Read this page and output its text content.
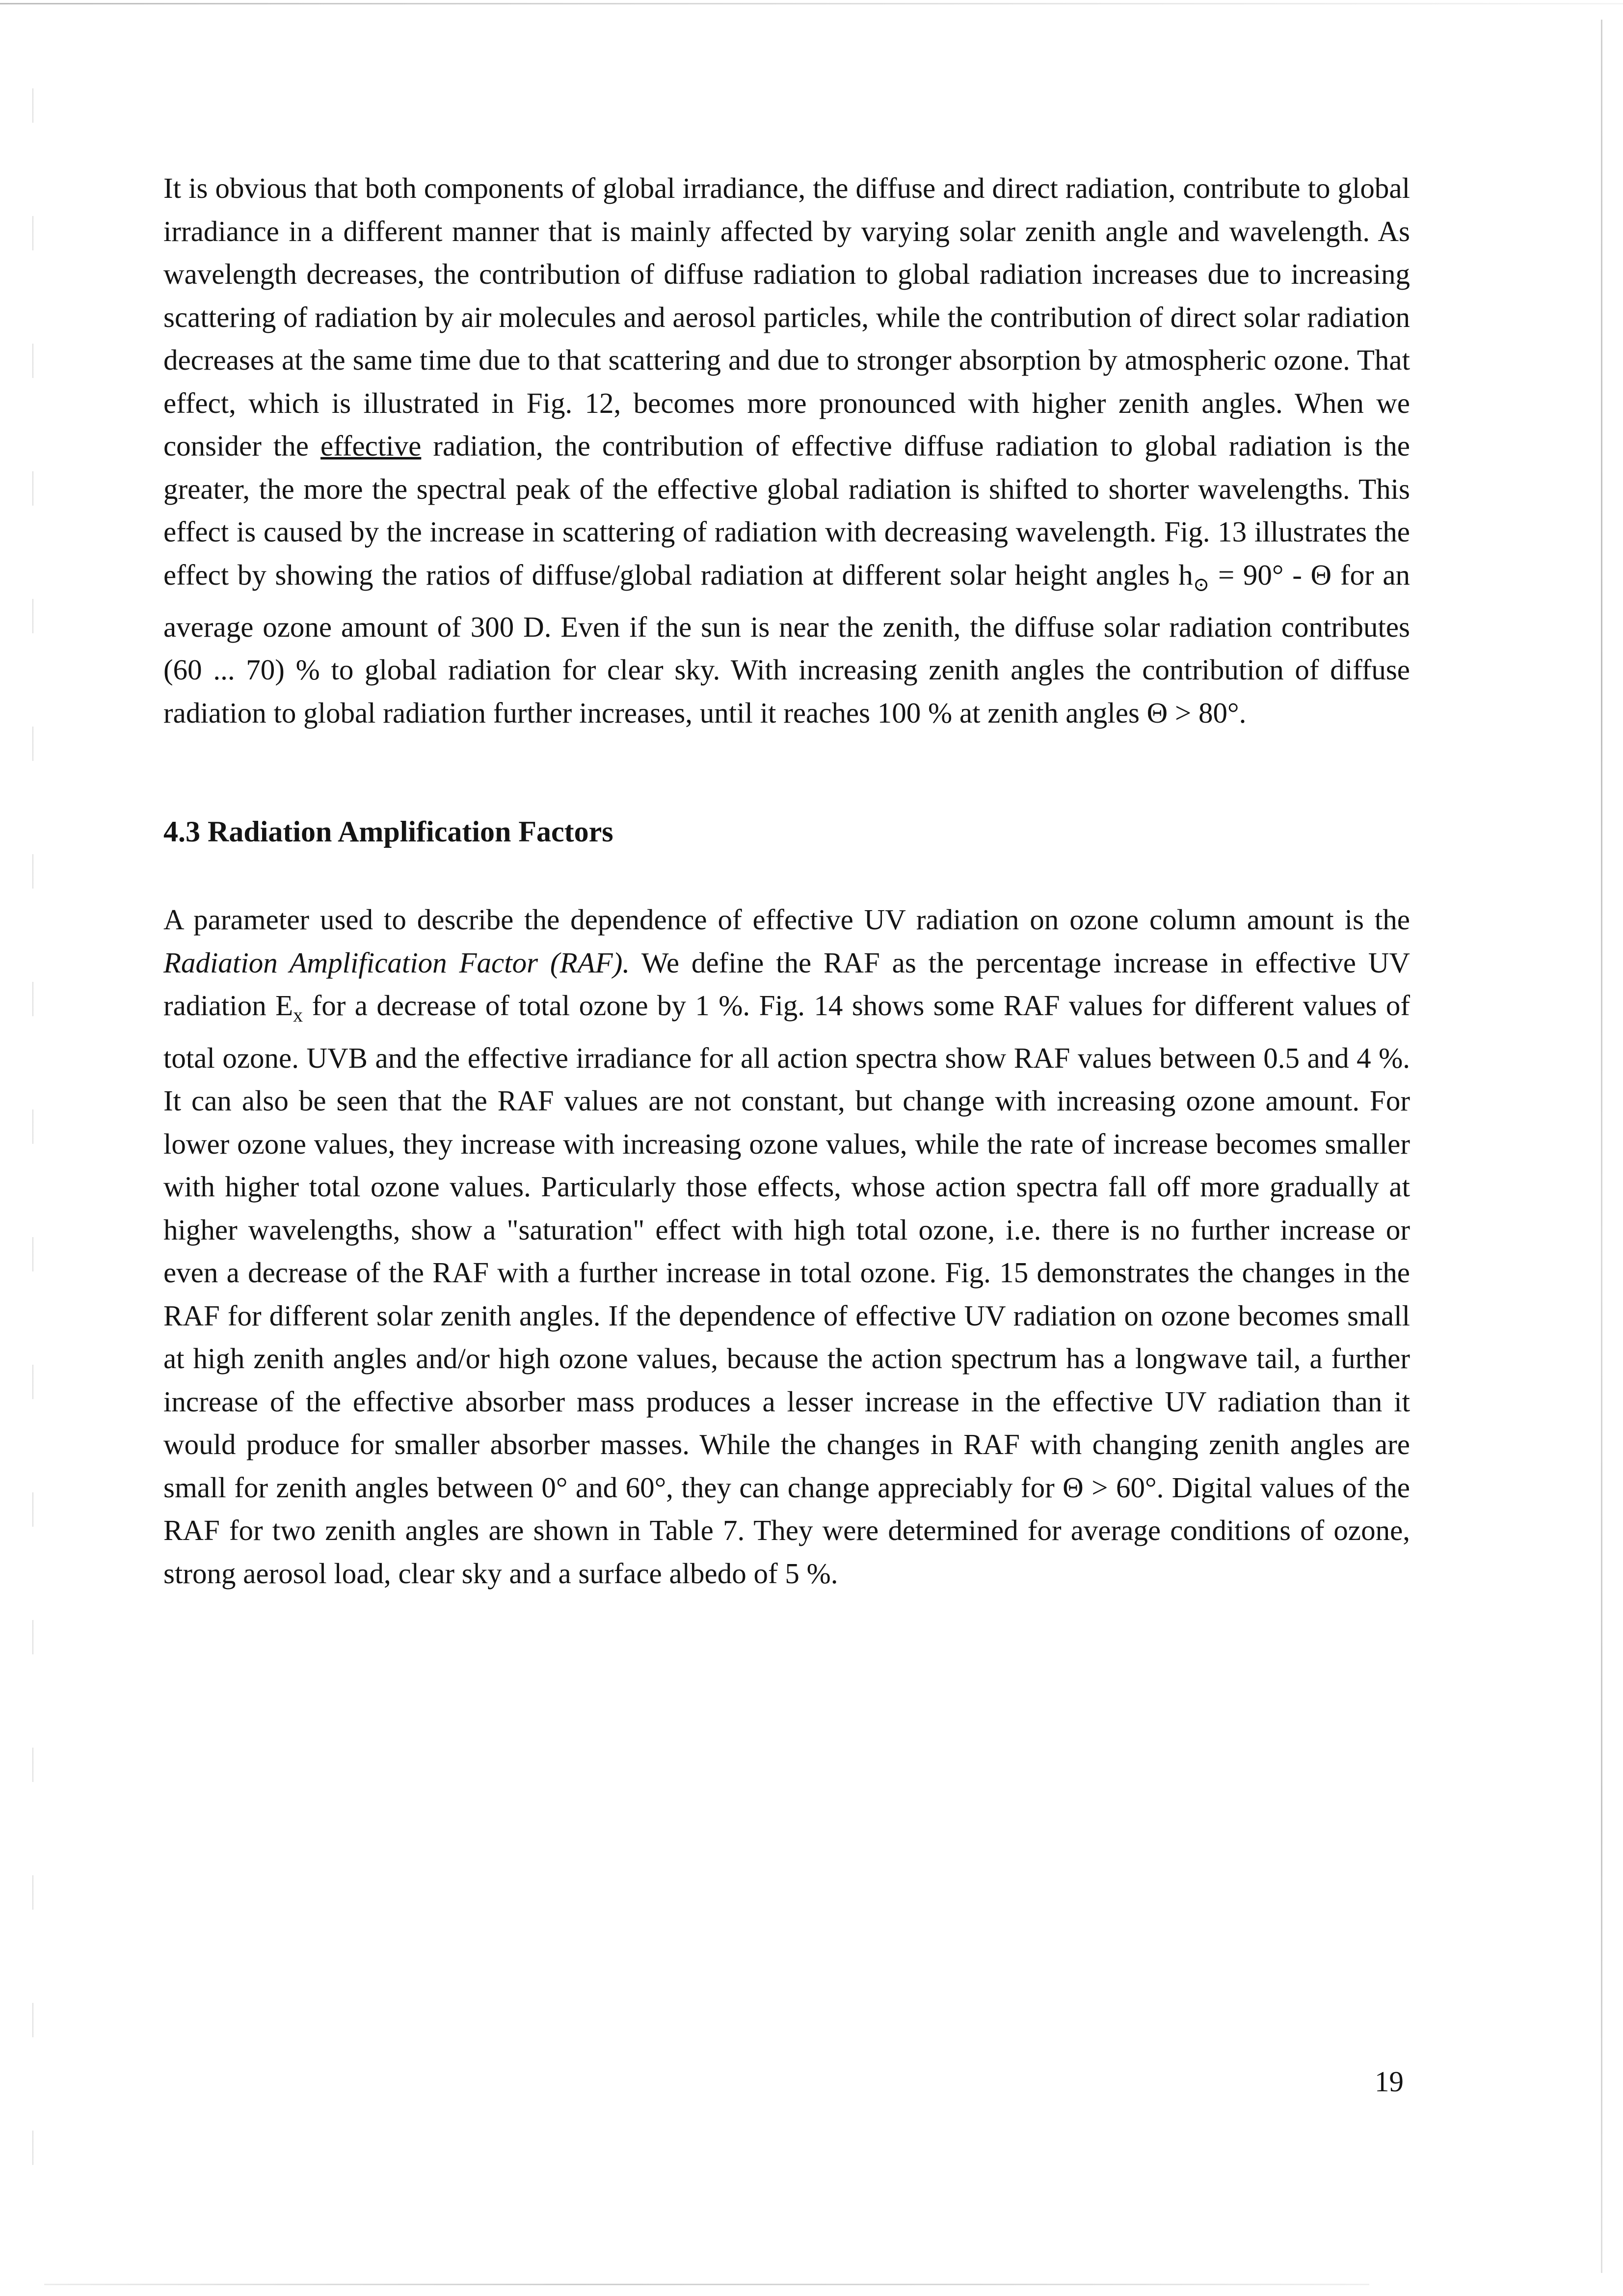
It is obvious that both components of global irradiance, the diffuse and direct radiation, contribute to global irradiance in a different manner that is mainly affected by varying solar zenith angle and wavelength. As wavelength decreases, the contribution of diffuse radiation to global radiation increases due to increasing scattering of radiation by air molecules and aerosol particles, while the contribution of direct solar radiation decreases at the same time due to that scattering and due to stronger absorption by atmospheric ozone. That effect, which is illustrated in Fig. 12, becomes more pronounced with higher zenith angles. When we consider the effective radiation, the contribution of effective diffuse radiation to global radiation is the greater, the more the spectral peak of the effective global radiation is shifted to shorter wavelengths. This effect is caused by the increase in scattering of radiation with decreasing wavelength. Fig. 13 illustrates the effect by showing the ratios of diffuse/global radiation at different solar height angles $h_⊙ = 90^\circ - \Theta$ for an average ozone amount of 300 D. Even if the sun is near the zenith, the diffuse solar radiation contributes (60 ... 70) % to global radiation for clear sky. With increasing zenith angles the contribution of diffuse radiation to global radiation further increases, until it reaches 100 % at zenith angles Θ > 80°.

4.3 Radiation Amplification Factors

A parameter used to describe the dependence of effective UV radiation on ozone column amount is the Radiation Amplification Factor (RAF). We define the RAF as the percentage increase in effective UV radiation $E_x$ for a decrease of total ozone by 1 %. Fig. 14 shows some RAF values for different values of total ozone. UVB and the effective irradiance for all action spectra show RAF values between 0.5 and 4 %. It can also be seen that the RAF values are not constant, but change with increasing ozone amount. For lower ozone values, they increase with increasing ozone values, while the rate of increase becomes smaller with higher total ozone values. Particularly those effects, whose action spectra fall off more gradually at higher wavelengths, show a "saturation" effect with high total ozone, i.e. there is no further increase or even a decrease of the RAF with a further increase in total ozone. Fig. 15 demonstrates the changes in the RAF for different solar zenith angles. If the dependence of effective UV radiation on ozone becomes small at high zenith angles and/or high ozone values, because the action spectrum has a longwave tail, a further increase of the effective absorber mass produces a lesser increase in the effective UV radiation than it would produce for smaller absorber masses. While the changes in RAF with changing zenith angles are small for zenith angles between 0° and 60°, they can change appreciably for Θ > 60°. Digital values of the RAF for two zenith angles are shown in Table 7. They were determined for average conditions of ozone, strong aerosol load, clear sky and a surface albedo of 5 %.

19
